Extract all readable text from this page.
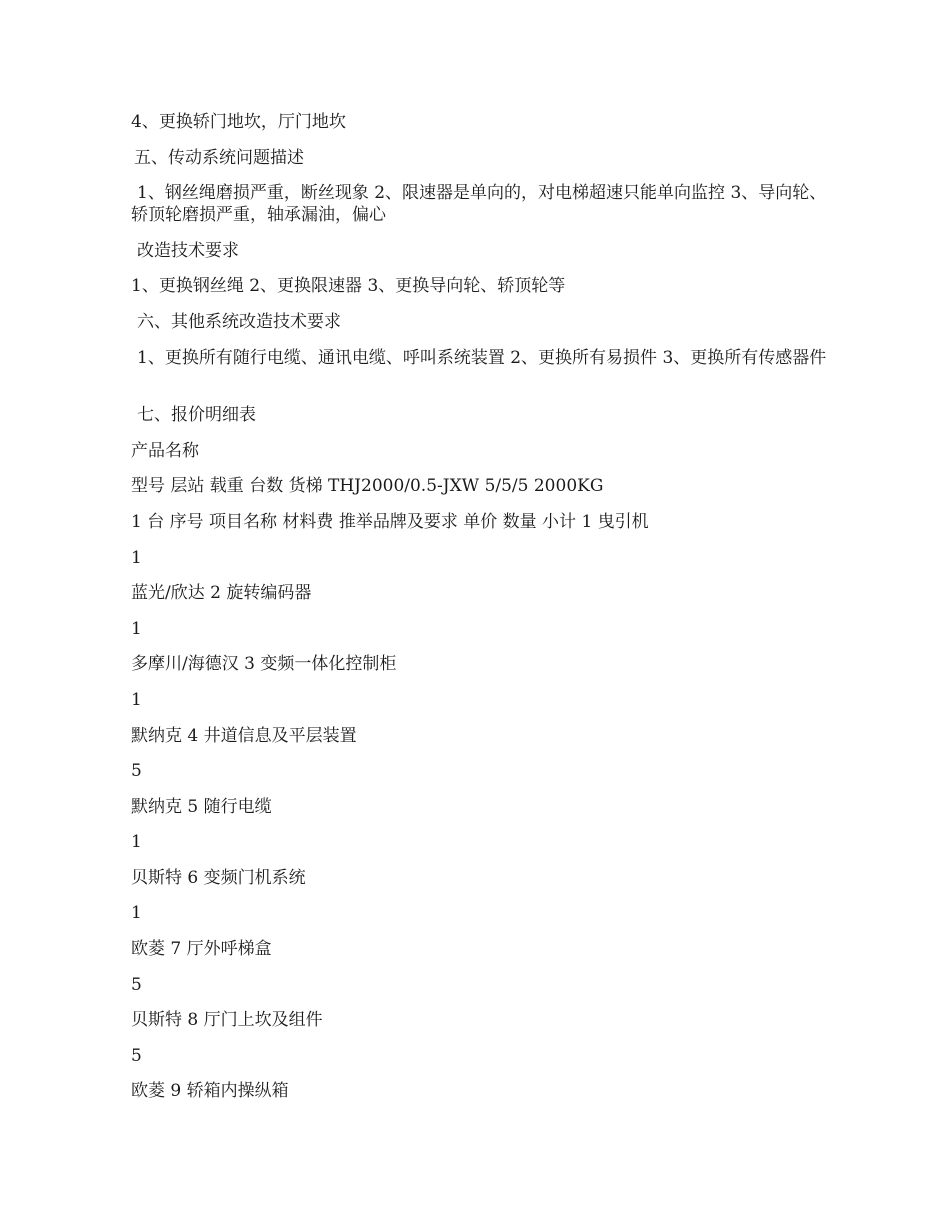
4、更换轿门地坎，厅门地坎

五、传动系统问题描述

1、钢丝绳磨损严重，断丝现象 2、限速器是单向的，对电梯超速只能单向监控 3、导向轮、轿顶轮磨损严重，轴承漏油，偏心

改造技术要求

1、更换钢丝绳 2、更换限速器 3、更换导向轮、轿顶轮等

六、其他系统改造技术要求

1、更换所有随行电缆、通讯电缆、呼叫系统装置 2、更换所有易损件 3、更换所有传感器件

七、报价明细表

产品名称

型号 层站 载重 台数 货梯 THJ2000/0.5-JXW 5/5/5 2000KG

1 台 序号 项目名称 材料费 推举品牌及要求 单价 数量 小计 1 曳引机

1

蓝光/欣达 2 旋转编码器

1

多摩川/海德汉 3 变频一体化控制柜

1

默纳克 4 井道信息及平层装置

5

默纳克 5 随行电缆

1

贝斯特 6 变频门机系统

1

欧菱 7 厅外呼梯盒

5

贝斯特 8 厅门上坎及组件

5

欧菱 9 轿箱内操纵箱
